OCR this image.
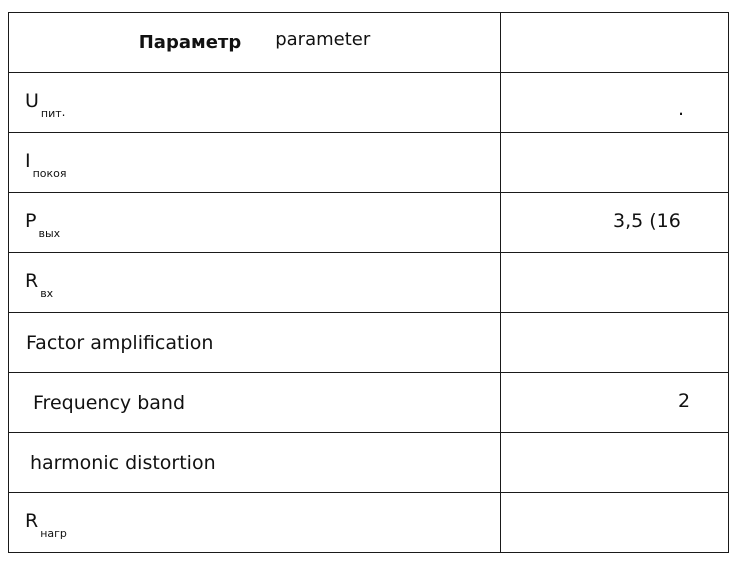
Параметр parameter	
$U_{пит.}$	.

$I_{покоя}$	

$P_{вых}$	3,5 (16

$R_{вх}$	

Factor amplification	

Frequency band	2

harmonic distortion	

$R_{нагр}$	
